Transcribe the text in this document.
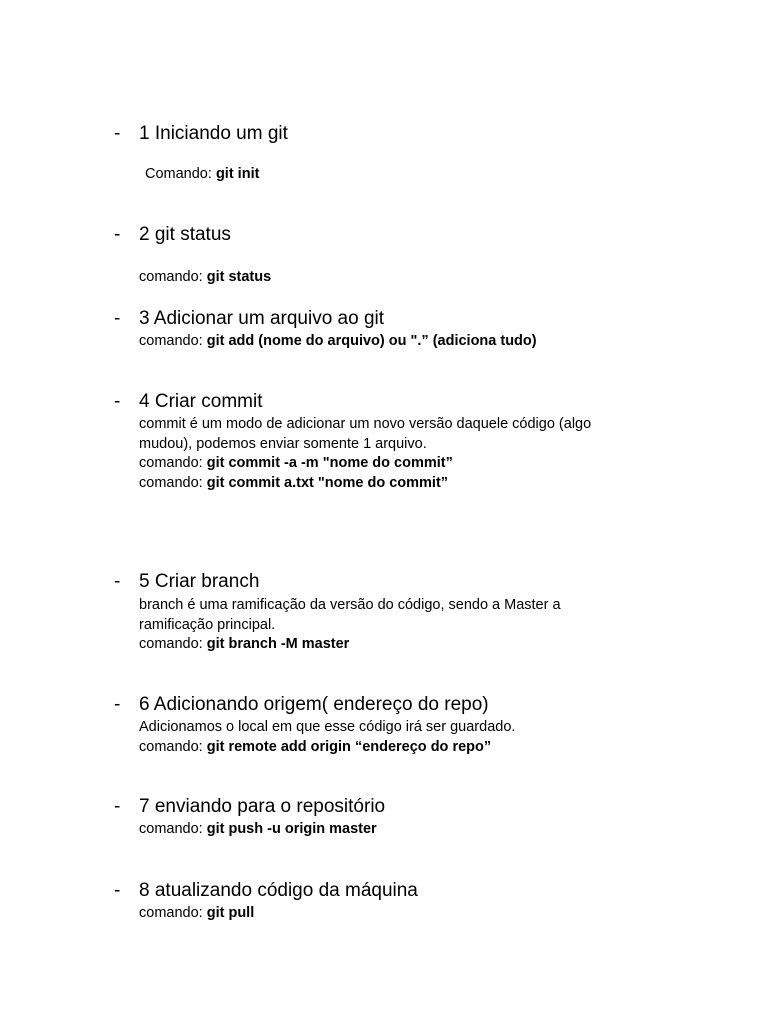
- 1 Iniciando um git
Comando: git init
- 2 git status
comando: git status
- 3 Adicionar um arquivo ao git
comando: git add (nome do arquivo) ou ".” (adiciona tudo)
- 4 Criar commit
commit é um modo de adicionar um novo versão daquele código (algo
mudou), podemos enviar somente 1 arquivo.
comando: git commit -a -m "nome do commit”
comando: git commit a.txt "nome do commit”
- 5 Criar branch
branch é uma ramificação da versão do código, sendo a Master a
ramificação principal.
comando: git branch -M master
- 6 Adicionando origem( endereço do repo)
Adicionamos o local em que esse código irá ser guardado.
comando: git remote add origin “endereço do repo”
- 7 enviando para o repositório
comando: git push -u origin master
- 8 atualizando código da máquina
comando: git pull
